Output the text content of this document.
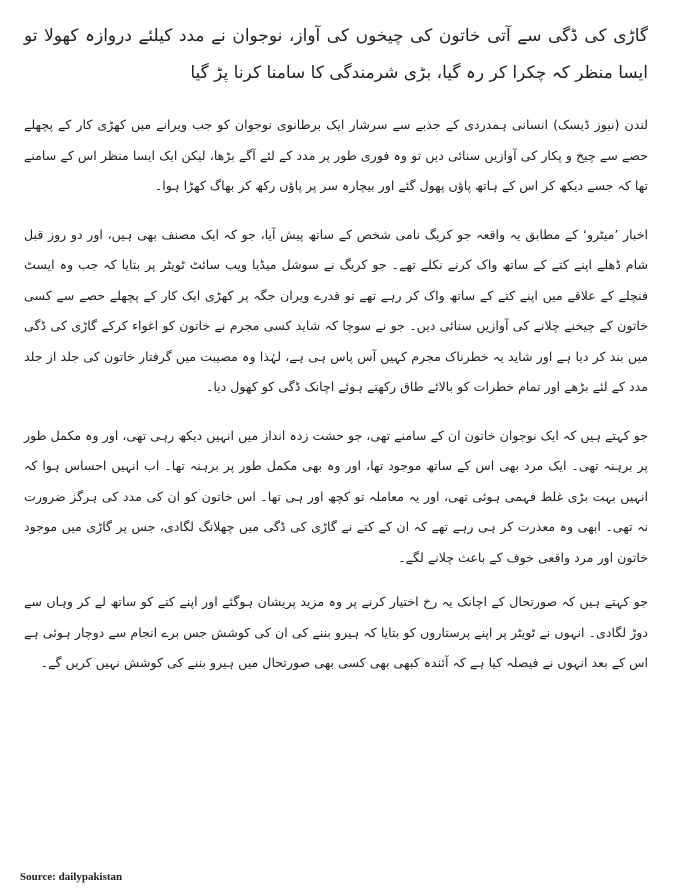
گاڑی کی ڈگی سے آتی خاتون کی چیخوں کی آواز، نوجوان نے مدد کیلئے دروازہ کھولا تو ایسا منظر کہ چکرا کر رہ گیا، بڑی شرمندگی کا سامنا کرنا پڑ گیا

لندن (نیوز ڈیسک) انسانی ہمدردی کے جذبے سے سرشار ایک برطانوی نوجوان کو جب ویرانے میں کھڑی کار کے پچھلے حصے سے چیخ و پکار کی آوازیں سنائی دیں تو وہ فوری طور پر مدد کے لئے آگے بڑھا، لیکن ایک ایسا منظر اس کے سامنے تھا کہ جسے دیکھ کر اس کے ہاتھ پاؤں پھول گئے اور بیچارہ سر پر پاؤں رکھ کر بھاگ کھڑا ہوا۔

اخبار ’میٹرو‘ کے مطابق یہ واقعہ جو کریگ نامی شخص کے ساتھ پیش آیا، جو کہ ایک مصنف بھی ہیں، اور دو روز قبل شام ڈھلے اپنے کتے کے ساتھ واک کرنے نکلے تھے۔ جو کریگ نے سوشل میڈیا ویب سائٹ ٹویٹر پر بتایا کہ جب وہ ایسٹ فنچلے کے علاقے میں اپنے کتے کے ساتھ واک کر رہے تھے تو قدرے ویران جگہ پر کھڑی ایک کار کے پچھلے حصے سے کسی خاتون کے چیخنے چلانے کی آوازیں سنائی دیں۔ جو نے سوچا کہ شاید کسی مجرم نے خاتون کو اغواء کرکے گاڑی کی ڈگی میں بند کر دیا ہے اور شاید یہ خطرناک مجرم کہیں آس پاس ہی ہے، لہٰذا وہ مصیبت میں گرفتار خاتون کی جلد از جلد مدد کے لئے بڑھے اور تمام خطرات کو بالائے طاق رکھتے ہوئے اچانک ڈگی کو کھول دیا۔

جو کہتے ہیں کہ ایک نوجوان خاتون ان کے سامنے تھی، جو حشت زدہ انداز میں انہیں دیکھ رہی تھی، اور وہ مکمل طور پر برہنہ تھی۔ ایک مرد بھی اس کے ساتھ موجود تھا، اور وہ بھی مکمل طور پر برہنہ تھا۔ اب انہیں احساس ہوا کہ انہیں بہت بڑی غلط فہمی ہوئی تھی، اور یہ معاملہ تو کچھ اور ہی تھا۔ اس خاتون کو ان کی مدد کی ہرگز ضرورت نہ تھی۔ ابھی وہ معذرت کر ہی رہے تھے کہ ان کے کتے نے گاڑی کی ڈگی میں چھلانگ لگادی، جس پر گاڑی میں موجود خاتون اور مرد واقعی خوف کے باعث چلانے لگے۔

جو کہتے ہیں کہ صورتحال کے اچانک یہ رخ اختیار کرنے پر وہ مزید پریشان ہوگئے اور اپنے کتے کو ساتھ لے کر وہاں سے دوڑ لگادی۔ انہوں نے ٹویٹر پر اپنے پرستاروں کو بتایا کہ ہیرو بننے کی ان کی کوشش جس برے انجام سے دوچار ہوئی ہے اس کے بعد انہوں نے فیصلہ کیا ہے کہ آئندہ کبھی بھی کسی بھی صورتحال میں ہیرو بننے کی کوشش نہیں کریں گے۔

Source: dailypakistan
